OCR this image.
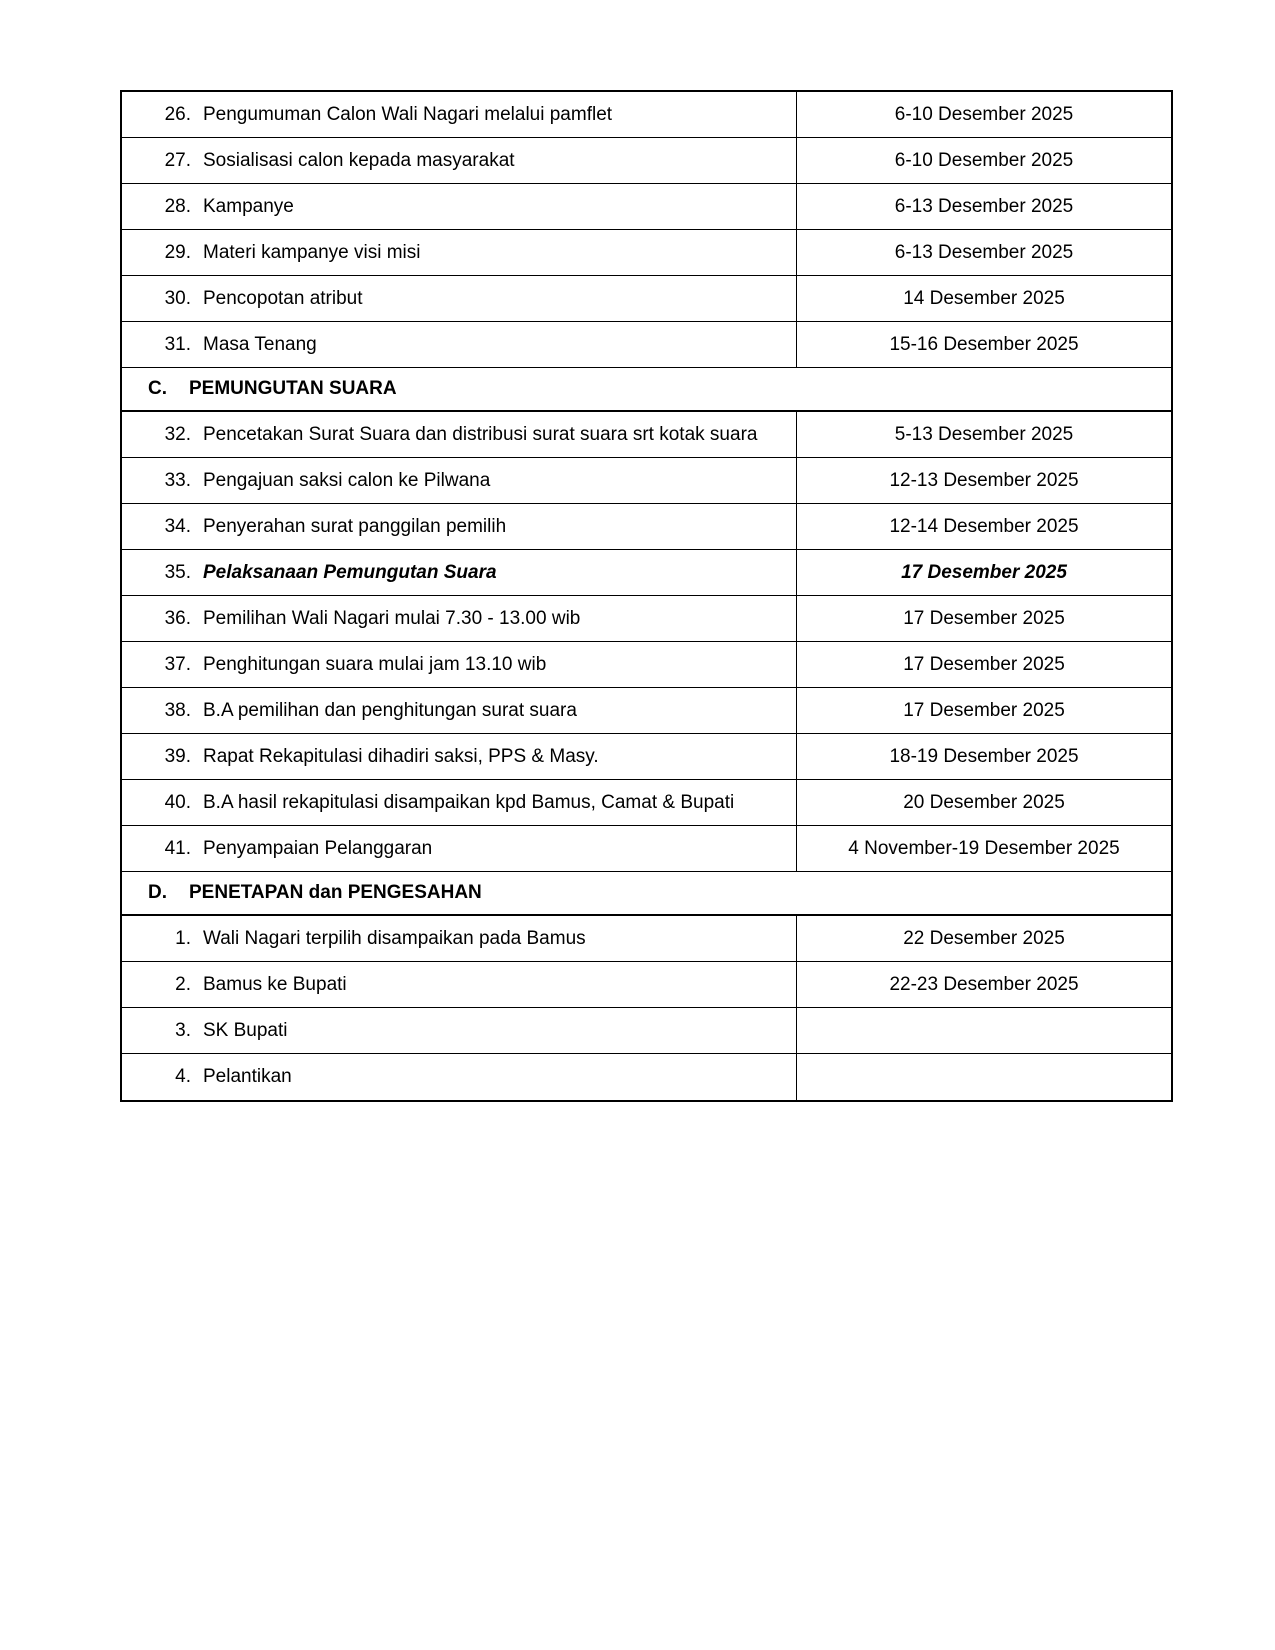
26. Pengumuman Calon Wali Nagari melalui pamflet	6-10 Desember 2025
27. Sosialisasi calon kepada masyarakat	6-10 Desember 2025
28. Kampanye	6-13 Desember 2025
29. Materi kampanye visi misi	6-13 Desember 2025
30. Pencopotan atribut	14 Desember 2025
31. Masa Tenang	15-16 Desember 2025
C.	PEMUNGUTAN SUARA
32. Pencetakan Surat Suara dan distribusi surat suara srt kotak suara	5-13 Desember 2025
33. Pengajuan saksi calon ke Pilwana	12-13 Desember 2025
34. Penyerahan surat panggilan pemilih	12-14 Desember 2025
35. Pelaksanaan Pemungutan Suara	17 Desember 2025
36. Pemilihan Wali Nagari mulai 7.30 - 13.00 wib	17 Desember 2025
37. Penghitungan suara mulai jam 13.10 wib	17 Desember 2025
38. B.A pemilihan dan penghitungan surat suara	17 Desember 2025
39. Rapat Rekapitulasi dihadiri saksi, PPS & Masy.	18-19 Desember 2025
40. B.A hasil rekapitulasi disampaikan kpd Bamus, Camat & Bupati	20 Desember 2025
41. Penyampaian Pelanggaran	4 November-19 Desember 2025
D.	PENETAPAN dan PENGESAHAN
1. Wali Nagari terpilih disampaikan pada Bamus	22 Desember 2025
2. Bamus ke Bupati	22-23 Desember 2025
3. SK Bupati
4. Pelantikan
